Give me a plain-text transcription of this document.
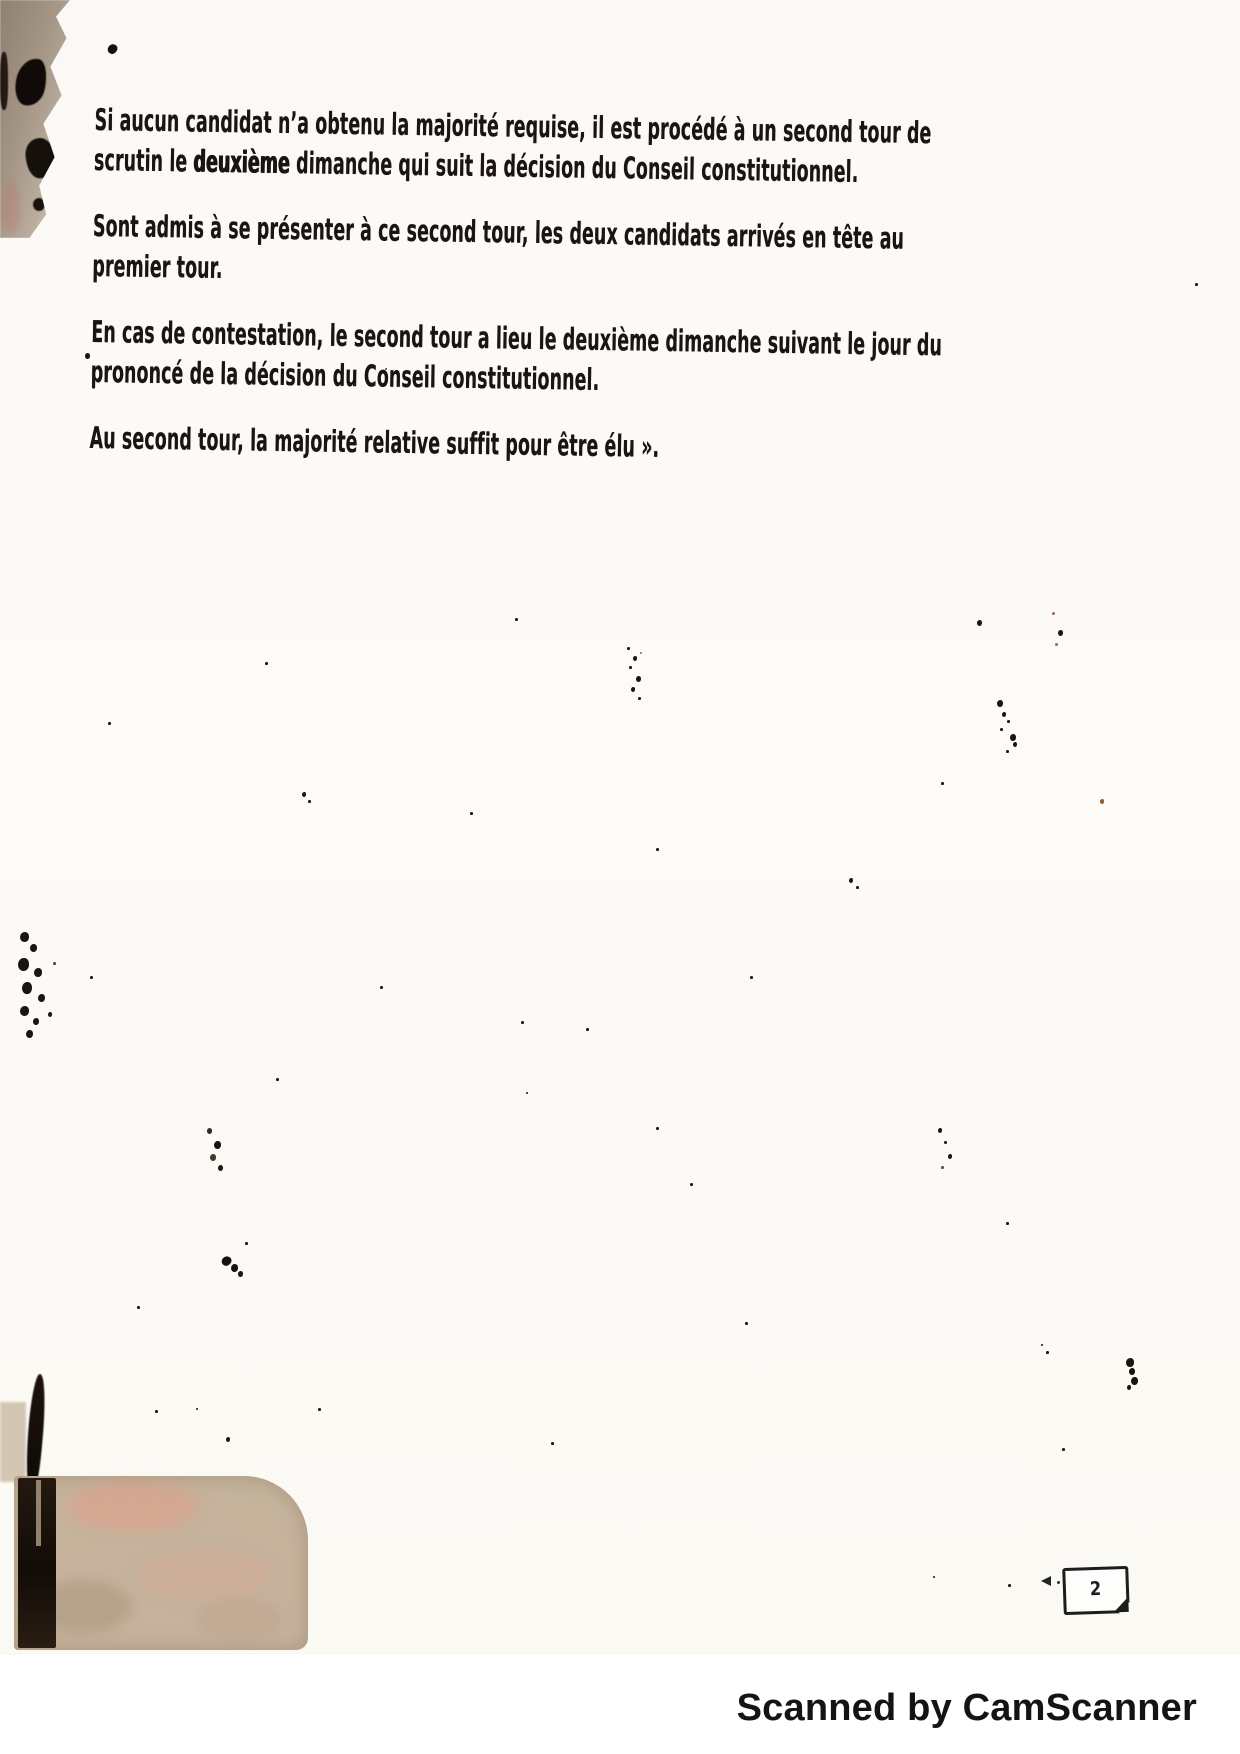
Si aucun candidat n’a obtenu la majorité requise, il est procédé à un second tour de
scrutin le deuxième dimanche qui suit la décision du Conseil constitutionnel.
Sont admis à se présenter à ce second tour, les deux candidats arrivés en tête au
premier tour.
En cas de contestation, le second tour a lieu le deuxième dimanche suivant le jour du
prononcé de la décision du Conseil constitutionnel.
Au second tour, la majorité relative suffit pour être élu ».
2
Scanned by CamScanner
